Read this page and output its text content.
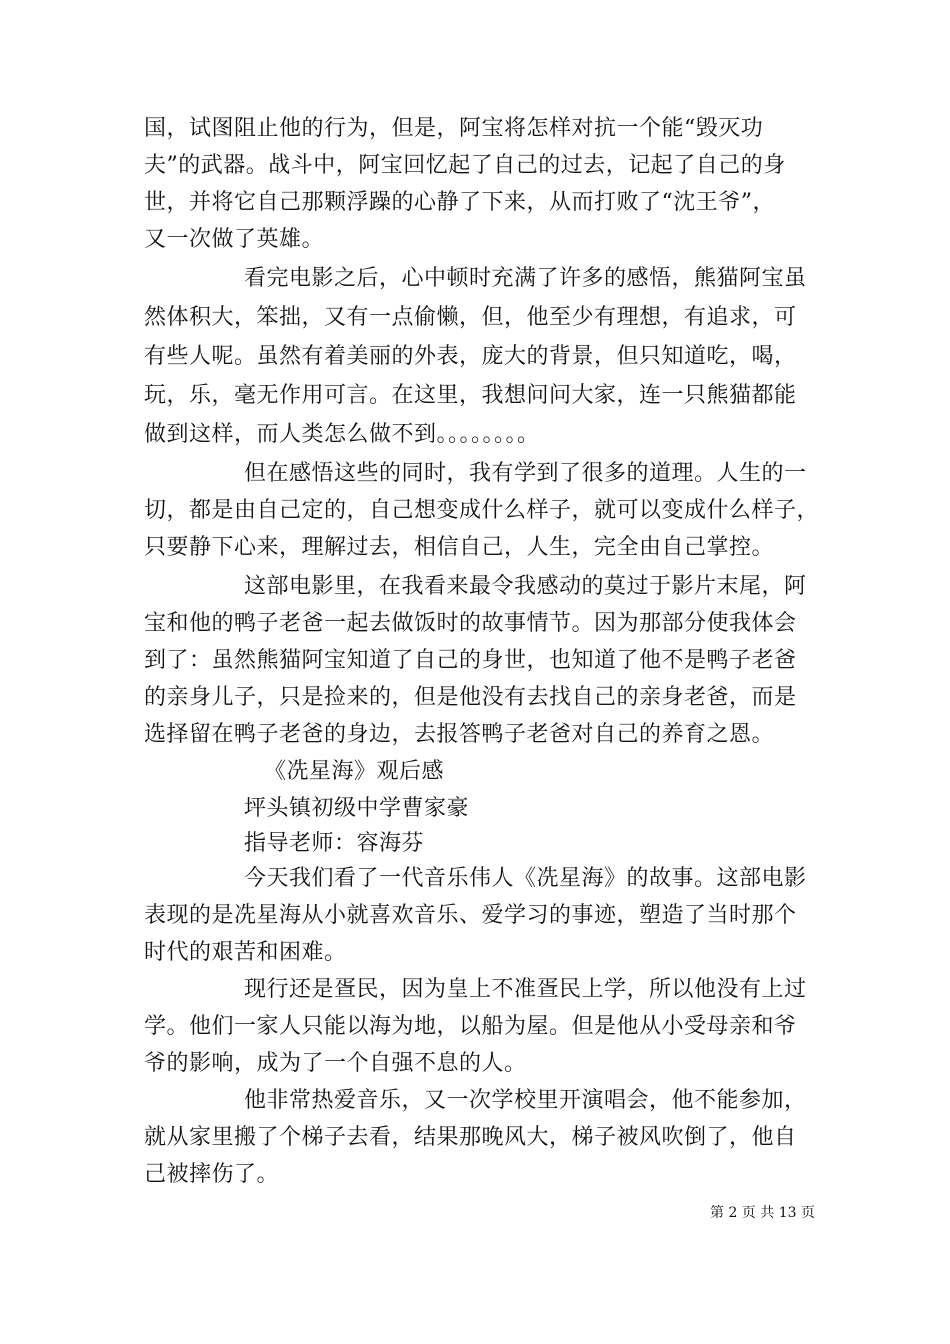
国，试图阻止他的行为，但是，阿宝将怎样对抗一个能“毁灭功
夫”的武器。战斗中，阿宝回忆起了自己的过去，记起了自己的身
世，并将它自己那颗浮躁的心静了下来，从而打败了“沈王爷”，
又一次做了英雄。
看完电影之后，心中顿时充满了许多的感悟，熊猫阿宝虽
然体积大，笨拙，又有一点偷懒，但，他至少有理想，有追求，可
有些人呢。虽然有着美丽的外表，庞大的背景，但只知道吃，喝，
玩，乐，毫无作用可言。在这里，我想问问大家，连一只熊猫都能
做到这样，而人类怎么做不到。。。。。。。。
但在感悟这些的同时，我有学到了很多的道理。人生的一
切，都是由自己定的，自己想变成什么样子，就可以变成什么样子，
只要静下心来，理解过去，相信自己，人生，完全由自己掌控。
这部电影里，在我看来最令我感动的莫过于影片末尾，阿
宝和他的鸭子老爸一起去做饭时的故事情节。因为那部分使我体会
到了：虽然熊猫阿宝知道了自己的身世，也知道了他不是鸭子老爸
的亲身儿子，只是捡来的，但是他没有去找自己的亲身老爸，而是
选择留在鸭子老爸的身边，去报答鸭子老爸对自己的养育之恩。
《冼星海》观后感
坪头镇初级中学曹家豪
指导老师：容海芬
今天我们看了一代音乐伟人《冼星海》的故事。这部电影
表现的是冼星海从小就喜欢音乐、爱学习的事迹，塑造了当时那个
时代的艰苦和困难。
现行还是疍民，因为皇上不准疍民上学，所以他没有上过
学。他们一家人只能以海为地，以船为屋。但是他从小受母亲和爷
爷的影响，成为了一个自强不息的人。
他非常热爱音乐，又一次学校里开演唱会，他不能参加，
就从家里搬了个梯子去看，结果那晚风大，梯子被风吹倒了，他自
己被摔伤了。
第 2 页 共 13 页
